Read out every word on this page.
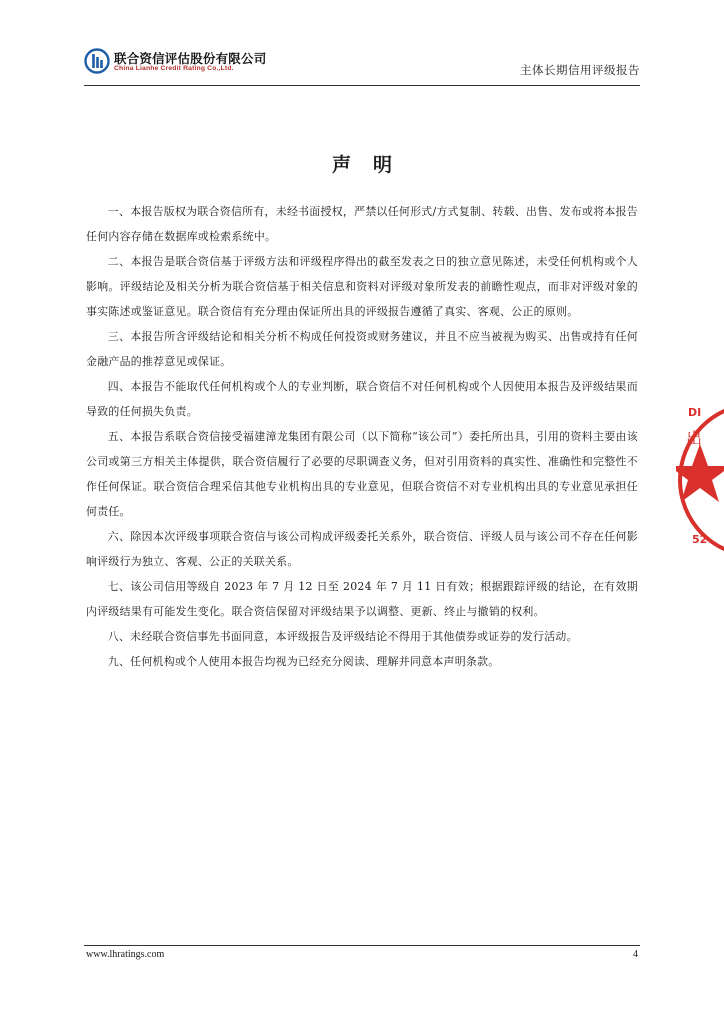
联合资信评估股份有限公司
China Lianhe Credit Rating Co.,Ltd.	主体长期信用评级报告
声明

一、本报告版权为联合资信所有，未经书面授权，严禁以任何形式/方式复制、转载、出售、发布或将本报告任何内容存储在数据库或检索系统中。

二、本报告是联合资信基于评级方法和评级程序得出的截至发表之日的独立意见陈述，未受任何机构或个人影响。评级结论及相关分析为联合资信基于相关信息和资料对评级对象所发表的前瞻性观点，而非对评级对象的事实陈述或鉴证意见。联合资信有充分理由保证所出具的评级报告遵循了真实、客观、公正的原则。

三、本报告所含评级结论和相关分析不构成任何投资或财务建议，并且不应当被视为购买、出售或持有任何金融产品的推荐意见或保证。

四、本报告不能取代任何机构或个人的专业判断，联合资信不对任何机构或个人因使用本报告及评级结果而导致的任何损失负责。

五、本报告系联合资信接受福建漳龙集团有限公司（以下简称“该公司”）委托所出具，引用的资料主要由该公司或第三方相关主体提供，联合资信履行了必要的尽职调查义务，但对引用资料的真实性、准确性和完整性不作任何保证。联合资信合理采信其他专业机构出具的专业意见，但联合资信不对专业机构出具的专业意见承担任何责任。

六、除因本次评级事项联合资信与该公司构成评级委托关系外，联合资信、评级人员与该公司不存在任何影响评级行为独立、客观、公正的关联关系。

七、该公司信用等级自 2023 年 7 月 12 日至 2024 年 7 月 11 日有效；根据跟踪评级的结论，在有效期内评级结果有可能发生变化。联合资信保留对评级结果予以调整、更新、终止与撤销的权利。

八、未经联合资信事先书面同意，本评级报告及评级结论不得用于其他债券或证券的发行活动。

九、任何机构或个人使用本报告均视为已经充分阅读、理解并同意本声明条款。

DI
出
52
www.lhratings.com	4
